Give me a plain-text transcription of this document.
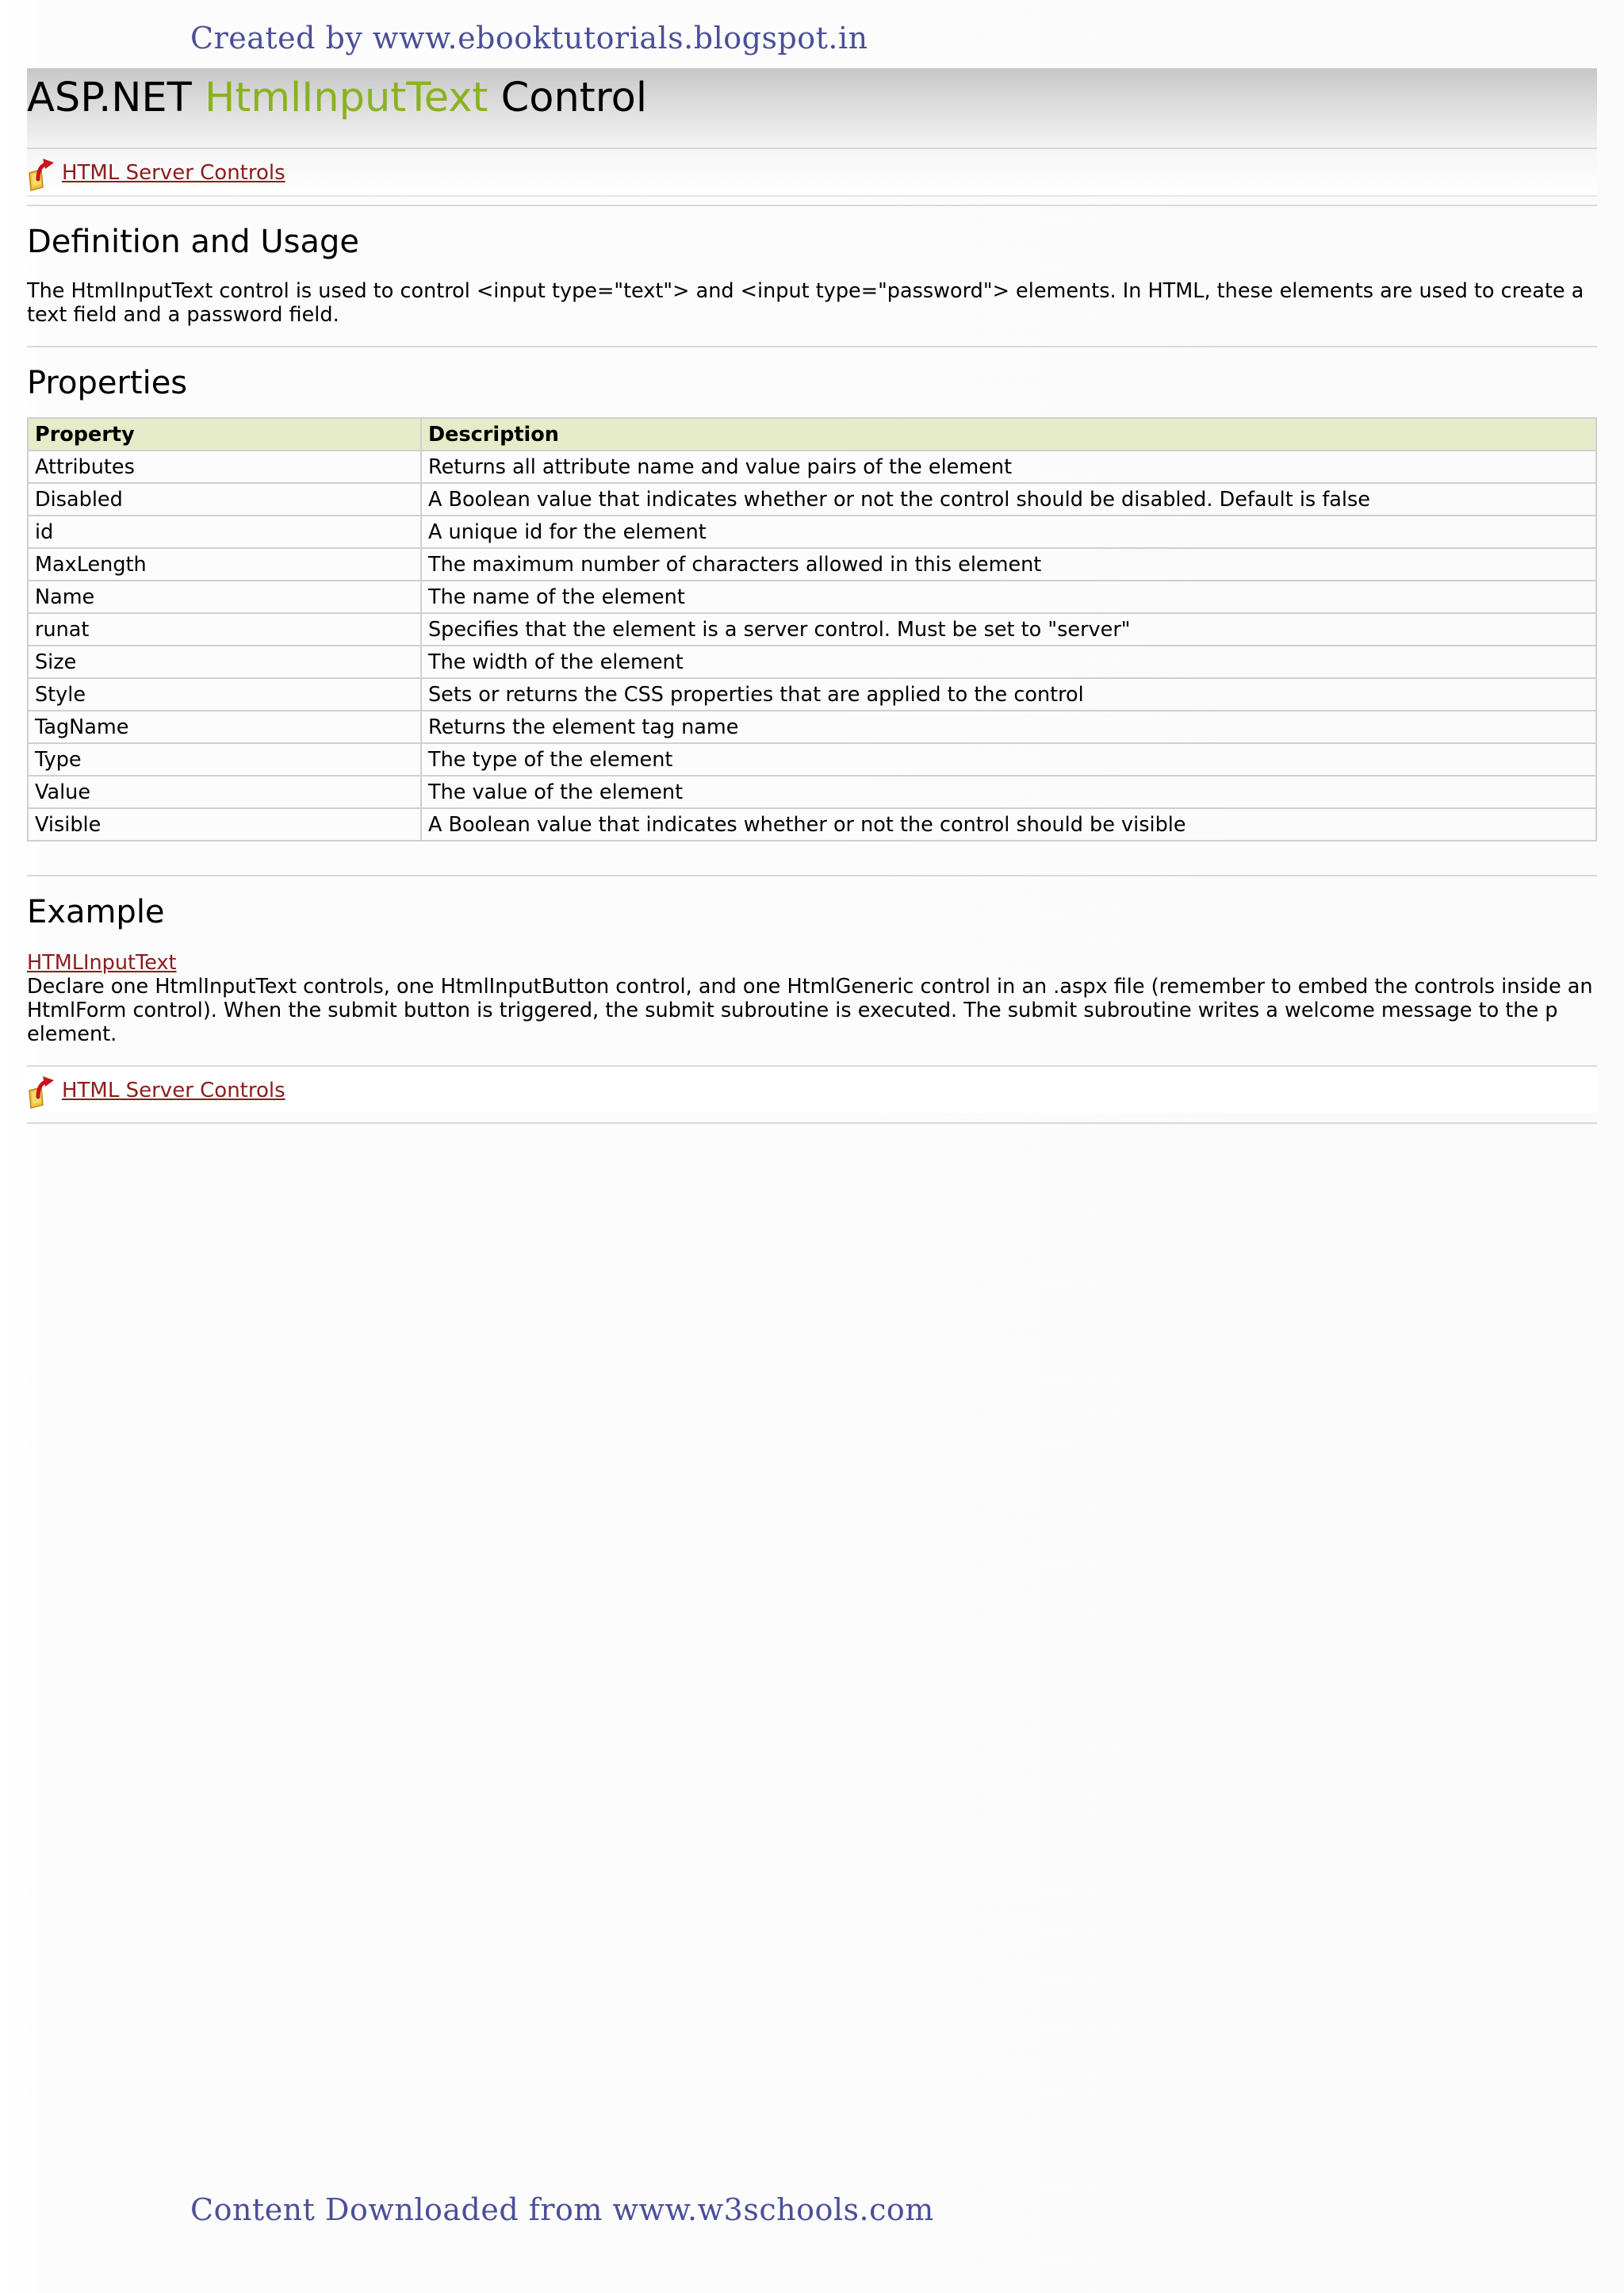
Created by www.ebooktutorials.blogspot.in
ASP.NET HtmlInputText Control
HTML Server Controls
Definition and Usage

The HtmlInputText control is used to control <input type="text"> and <input type="password"> elements. In HTML, these elements are used to create a text field and a password field.

Properties
Property	Description
Attributes	Returns all attribute name and value pairs of the element
Disabled	A Boolean value that indicates whether or not the control should be disabled. Default is false
id	A unique id for the element
MaxLength	The maximum number of characters allowed in this element
Name	The name of the element
runat	Specifies that the element is a server control. Must be set to "server"
Size	The width of the element
Style	Sets or returns the CSS properties that are applied to the control
TagName	Returns the element tag name
Type	The type of the element
Value	The value of the element
Visible	A Boolean value that indicates whether or not the control should be visible
Example
HTMLInputText

Declare one HtmlInputText controls, one HtmlInputButton control, and one HtmlGeneric control in an .aspx file (remember to embed the controls inside an HtmlForm control). When the submit button is triggered, the submit subroutine is executed. The submit subroutine writes a welcome message to the p element.

HTML Server Controls
Content Downloaded from www.w3schools.com
